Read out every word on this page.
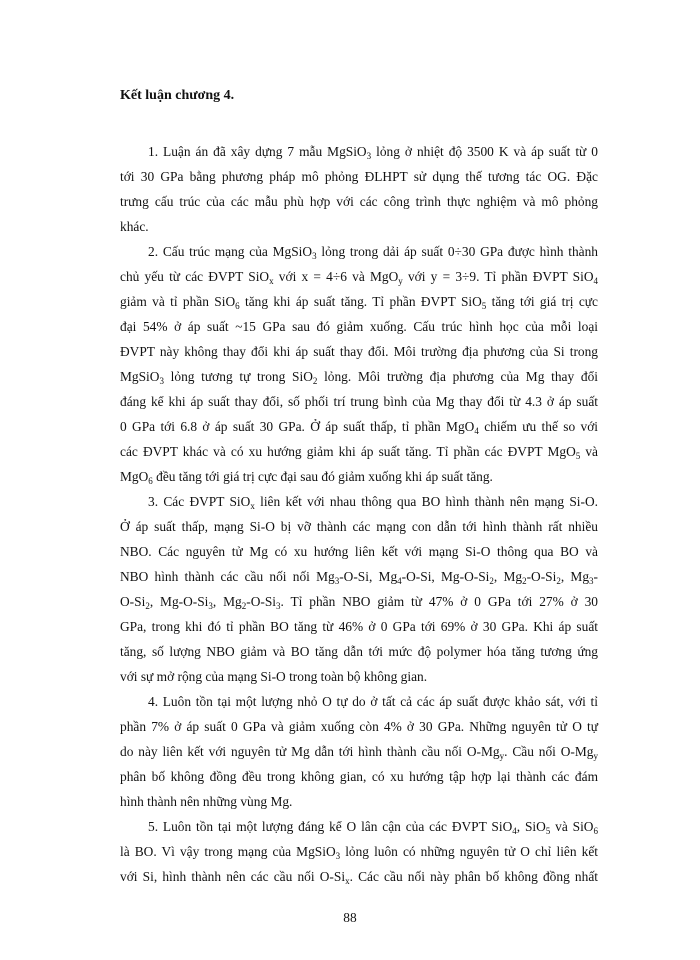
Kết luận chương 4.
1. Luận án đã xây dựng 7 mẫu MgSiO$_3$ lỏng ở nhiệt độ 3500 K và áp suất từ 0
tới 30 GPa bằng phương pháp mô phỏng ĐLHPT sử dụng thế tương tác OG. Đặc
trưng cấu trúc của các mẫu phù hợp với các công trình thực nghiệm và mô phỏng
khác.
2. Cấu trúc mạng của MgSiO$_3$ lỏng trong dải áp suất 0÷30 GPa được hình thành
chủ yếu từ các ĐVPT SiO$_x$ với x = 4÷6 và MgO$_y$ với y = 3÷9. Tỉ phần ĐVPT SiO$_4$
giảm và tỉ phần SiO$_6$ tăng khi áp suất tăng. Tỉ phần ĐVPT SiO$_5$ tăng tới giá trị cực
đại 54% ở áp suất ~15 GPa sau đó giảm xuống. Cấu trúc hình học của mỗi loại
ĐVPT này không thay đổi khi áp suất thay đổi. Môi trường địa phương của Si trong
MgSiO$_3$ lỏng tương tự trong SiO$_2$ lỏng. Môi trường địa phương của Mg thay đổi
đáng kể khi áp suất thay đổi, số phối trí trung bình của Mg thay đổi từ 4.3 ở áp suất
0 GPa tới 6.8 ở áp suất 30 GPa. Ở áp suất thấp, tỉ phần MgO$_4$ chiếm ưu thế so với
các ĐVPT khác và có xu hướng giảm khi áp suất tăng. Tỉ phần các ĐVPT MgO$_5$ và
MgO$_6$ đều tăng tới giá trị cực đại sau đó giảm xuống khi áp suất tăng.
3. Các ĐVPT SiO$_x$ liên kết với nhau thông qua BO hình thành nên mạng Si-O.
Ở áp suất thấp, mạng Si-O bị vỡ thành các mạng con dẫn tới hình thành rất nhiều
NBO. Các nguyên tử Mg có xu hướng liên kết với mạng Si-O thông qua BO và
NBO hình thành các cầu nối nối $Mg_3-O-Si$, $Mg_4-O-Si$, $Mg-O-Si_2$, $Mg_2-O-Si_2$, $Mg_3-$
$O-Si_2$, $Mg-O-Si_3$, $Mg_2-O-Si_3$. Tỉ phần NBO giảm từ 47% ở 0 GPa tới 27% ở 30
GPa, trong khi đó tỉ phần BO tăng từ 46% ở 0 GPa tới 69% ở 30 GPa. Khi áp suất
tăng, số lượng NBO giảm và BO tăng dẫn tới mức độ polymer hóa tăng tương ứng
với sự mở rộng của mạng Si-O trong toàn bộ không gian.
4. Luôn tồn tại một lượng nhỏ O tự do ở tất cả các áp suất được khảo sát, với tỉ
phần 7% ở áp suất 0 GPa và giảm xuống còn 4% ở 30 GPa. Những nguyên tử O tự
do này liên kết với nguyên tử Mg dẫn tới hình thành cầu nối $O-Mg_y$. Cầu nối $O-Mg_y$
phân bố không đồng đều trong không gian, có xu hướng tập hợp lại thành các đám
hình thành nên những vùng Mg.
5. Luôn tồn tại một lượng đáng kể O lân cận của các ĐVPT SiO$_4$, SiO$_5$ và SiO$_6$
là BO. Vì vậy trong mạng của MgSiO$_3$ lỏng luôn có những nguyên tử O chỉ liên kết
với Si, hình thành nên các cầu nối $O-Si_x$. Các cầu nối này phân bố không đồng nhất
88
